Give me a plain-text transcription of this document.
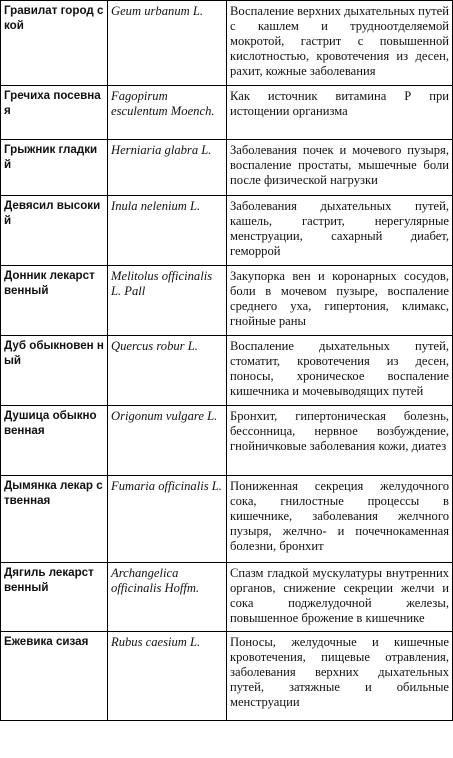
Гравилат город ской	Geum urbanum L.	Воспаление верхних дыхательных путей с кашлем и трудноотделяемой мокротой, гастрит с повышенной кислотностью, кровотечения из десен, рахит, кожные заболевания
Гречиха посевная	Fagopirum esculentum Moench.	Как источник витамина Р при истощении организма
Грыжник гладкий	Herniaria glabra L.	Заболевания почек и мочевого пузыря, воспаление простаты, мышечные боли после физической нагрузки
Девясил высокий	Inula nelenium L.	Заболевания дыхательных путей, кашель, гастрит, нерегулярные менструации, сахарный диабет, геморрой
Донник лекарст венный	Melitolus officinalis L. Pall	Закупорка вен и коронарных сосудов, боли в мочевом пузыре, воспаление среднего уха, гипертония, климакс, гнойные раны
Дуб обыкновен ный	Quercus robur L.	Воспаление дыхательных путей, стоматит, кровотечения из десен, поносы, хроническое воспаление кишечника и мочевыводящих путей
Душица обыкно венная	Origonum vulgare L.	Бронхит, гипертоническая болезнь, бессонница, нервное возбуждение, гнойничковые заболевания кожи, диатез
Дымянка лекар ственная	Fumaria officinalis L.	Пониженная секреция желудочного сока, гнилостные процессы в кишечнике, заболевания желчного пузыря, желчно- и почечнокаменная болезни, бронхит
Дягиль лекарст венный	Archangelica officinalis Hoffm.	Спазм гладкой мускулатуры внутренних органов, снижение секреции желчи и сока поджелудочной железы, повышенное брожение в кишечнике
Ежевика сизая	Rubus caesium L.	Поносы, желудочные и кишечные кровотечения, пищевые отравления, заболевания верхних дыхательных путей, затяжные и обильные менструации
